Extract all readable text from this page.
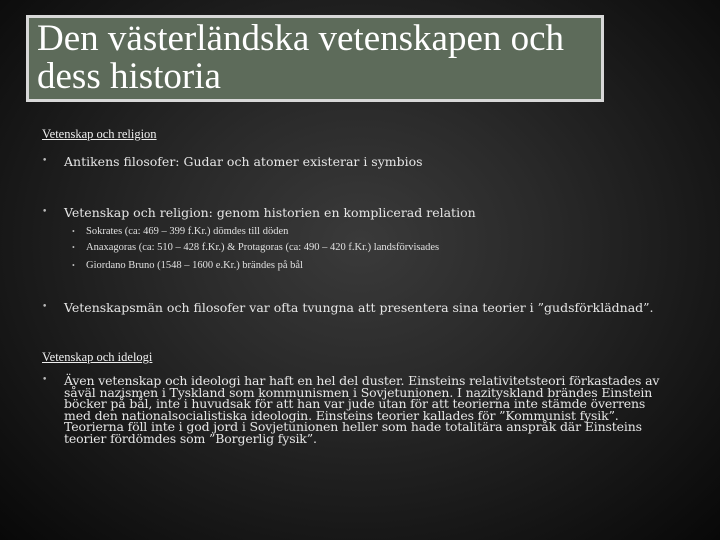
Den västerländska vetenskapen och dess historia
Vetenskap och religion
• Antikens filosofer: Gudar och atomer existerar i symbios
• Vetenskap och religion: genom historien en komplicerad relation
• Sokrates (ca: 469 – 399 f.Kr.) dömdes till döden
• Anaxagoras (ca: 510 – 428 f.Kr.) & Protagoras (ca: 490 – 420 f.Kr.) landsförvisades
• Giordano Bruno (1548 – 1600 e.Kr.) brändes på bål
• Vetenskapsmän och filosofer var ofta tvungna att presentera sina teorier i ”gudsförklädnad”.
Vetenskap och idelogi
• Även vetenskap och ideologi har haft en hel del duster. Einsteins relativitetsteori förkastades av såväl nazismen i Tyskland som kommunismen i Sovjetunionen. I nazityskland brändes Einstein böcker på bål, inte i huvudsak för att han var jude utan för att teorierna inte stämde överrens med den nationalsocialistiska ideologin. Einsteins teorier kallades för ”Kommunist fysik”. Teorierna föll inte i god jord i Sovjetunionen heller som hade totalitära anspråk där Einsteins teorier fördömdes som ”Borgerlig fysik”.
